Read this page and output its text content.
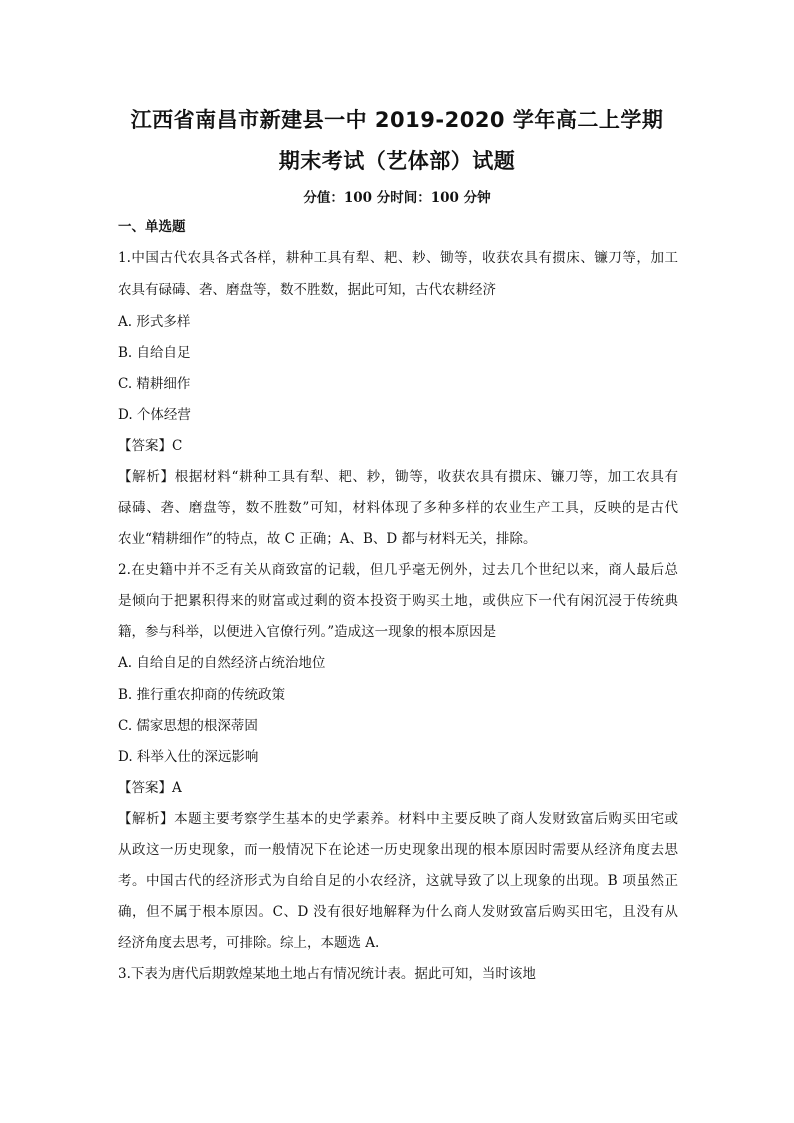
江西省南昌市新建县一中 2019-2020 学年高二上学期
期末考试（艺体部）试题
分值：100 分时间：100 分钟
一、单选题
1.中国古代农具各式各样，耕种工具有犁、耙、耖、锄等，收获农具有掼床、镰刀等，加工
农具有碌碡、砻、磨盘等，数不胜数，据此可知，古代农耕经济
A. 形式多样
B. 自给自足
C. 精耕细作
D. 个体经营
【答案】C
【解析】根据材料“耕种工具有犁、耙、耖，锄等，收获农具有掼床、镰刀等，加工农具有
碌碡、砻、磨盘等，数不胜数”可知，材料体现了多种多样的农业生产工具，反映的是古代
农业“精耕细作”的特点，故 C 正确；A、B、D 都与材料无关，排除。
2.在史籍中并不乏有关从商致富的记载，但几乎毫无例外，过去几个世纪以来，商人最后总
是倾向于把累积得来的财富或过剩的资本投资于购买土地，或供应下一代有闲沉浸于传统典
籍，参与科举，以便进入官僚行列。”造成这一现象的根本原因是
A. 自给自足的自然经济占统治地位
B. 推行重农抑商的传统政策
C. 儒家思想的根深蒂固
D. 科举入仕的深远影响
【答案】A
【解析】本题主要考察学生基本的史学素养。材料中主要反映了商人发财致富后购买田宅或
从政这一历史现象，而一般情况下在论述一历史现象出现的根本原因时需要从经济角度去思
考。中国古代的经济形式为自给自足的小农经济，这就导致了以上现象的出现。B 项虽然正
确，但不属于根本原因。C、D 没有很好地解释为什么商人发财致富后购买田宅，且没有从
经济角度去思考，可排除。综上，本题选 A.
3.下表为唐代后期敦煌某地土地占有情况统计表。据此可知，当时该地
